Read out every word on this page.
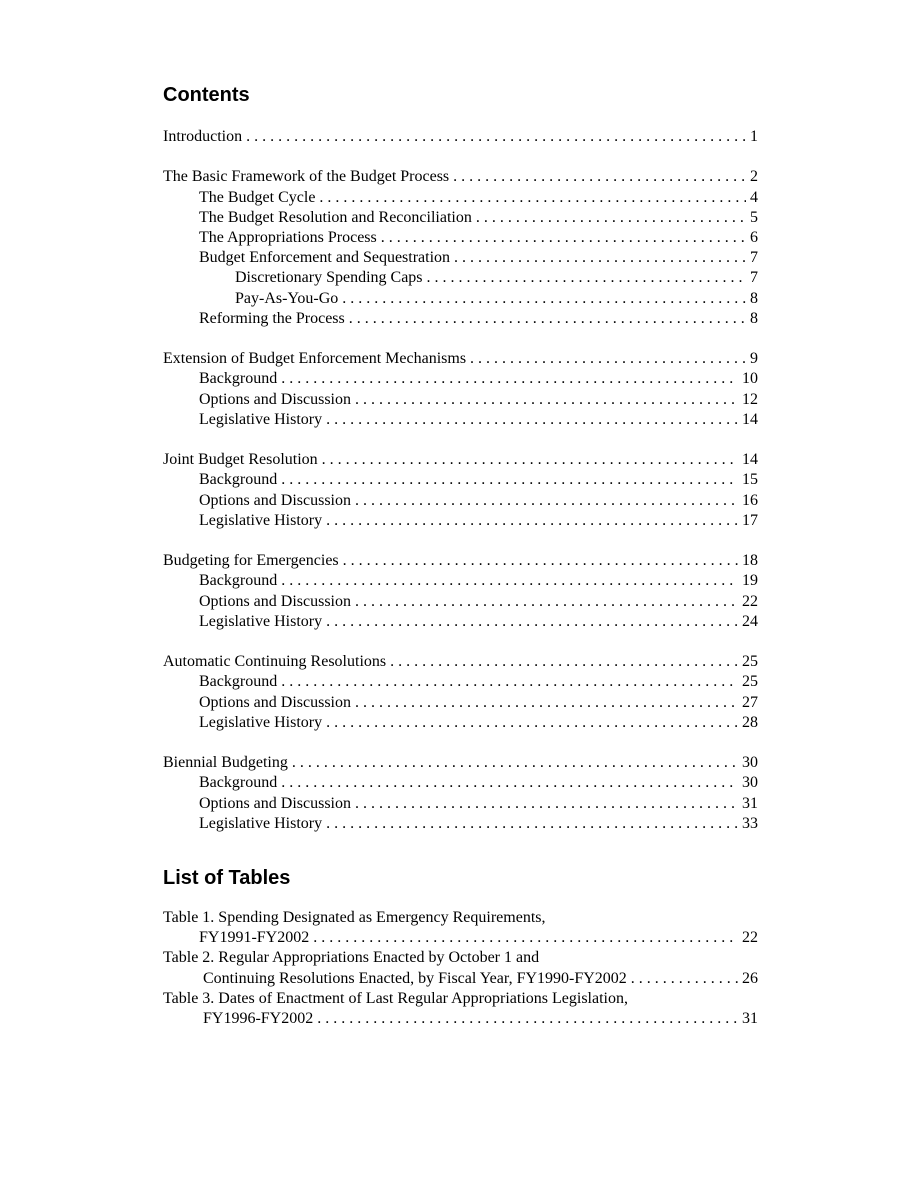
Contents
Introduction . . .	1
The Basic Framework of the Budget Process . . .	2
The Budget Cycle . . .	4
The Budget Resolution and Reconciliation . . .	5
The Appropriations Process . . .	6
Budget Enforcement and Sequestration . . .	7
Discretionary Spending Caps . . .	7
Pay-As-You-Go . . .	8
Reforming the Process . . .	8
Extension of Budget Enforcement Mechanisms . . .	9
Background . . .	10
Options and Discussion . . .	12
Legislative History . . .	14
Joint Budget Resolution . . .	14
Background . . .	15
Options and Discussion . . .	16
Legislative History . . .	17
Budgeting for Emergencies . . .	18
Background . . .	19
Options and Discussion . . .	22
Legislative History . . .	24
Automatic Continuing Resolutions . . .	25
Background . . .	25
Options and Discussion . . .	27
Legislative History . . .	28
Biennial Budgeting . . .	30
Background . . .	30
Options and Discussion . . .	31
Legislative History . . .	33
List of Tables
Table 1. Spending Designated as Emergency Requirements,
FY1991-FY2002 . . .	22
Table 2. Regular Appropriations Enacted by October 1 and
Continuing Resolutions Enacted, by Fiscal Year, FY1990-FY2002 . . .	26
Table 3. Dates of Enactment of Last Regular Appropriations Legislation,
FY1996-FY2002 . . .	31
